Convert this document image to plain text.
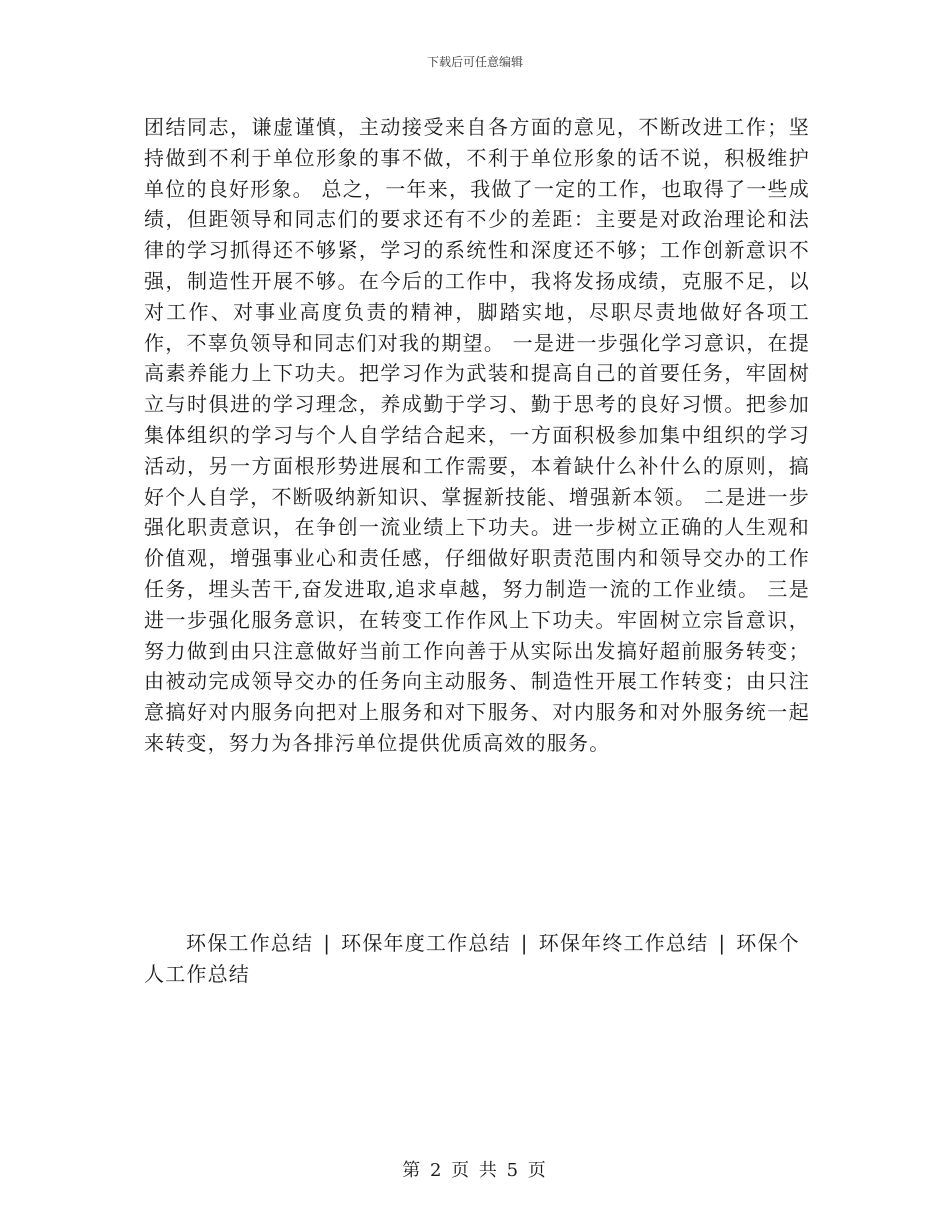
下载后可任意编辑

团结同志，谦虚谨慎，主动接受来自各方面的意见，不断改进工作；坚持做到不利于单位形象的事不做，不利于单位形象的话不说，积极维护单位的良好形象。 总之，一年来，我做了一定的工作，也取得了一些成绩，但距领导和同志们的要求还有不少的差距：主要是对政治理论和法律的学习抓得还不够紧，学习的系统性和深度还不够；工作创新意识不强，制造性开展不够。在今后的工作中，我将发扬成绩，克服不足，以对工作、对事业高度负责的精神，脚踏实地，尽职尽责地做好各项工作，不辜负领导和同志们对我的期望。 一是进一步强化学习意识，在提高素养能力上下功夫。把学习作为武装和提高自己的首要任务，牢固树立与时俱进的学习理念，养成勤于学习、勤于思考的良好习惯。把参加集体组织的学习与个人自学结合起来，一方面积极参加集中组织的学习活动，另一方面根形势进展和工作需要，本着缺什么补什么的原则，搞好个人自学，不断吸纳新知识、掌握新技能、增强新本领。 二是进一步强化职责意识，在争创一流业绩上下功夫。进一步树立正确的人生观和价值观，增强事业心和责任感，仔细做好职责范围内和领导交办的工作任务，埋头苦干,奋发进取,追求卓越，努力制造一流的工作业绩。 三是进一步强化服务意识，在转变工作作风上下功夫。牢固树立宗旨意识，努力做到由只注意做好当前工作向善于从实际出发搞好超前服务转变；由被动完成领导交办的任务向主动服务、制造性开展工作转变；由只注意搞好对内服务向把对上服务和对下服务、对内服务和对外服务统一起来转变，努力为各排污单位提供优质高效的服务。

环保工作总结 | 环保年度工作总结 | 环保年终工作总结 | 环保个人工作总结

第 2 页 共 5 页
